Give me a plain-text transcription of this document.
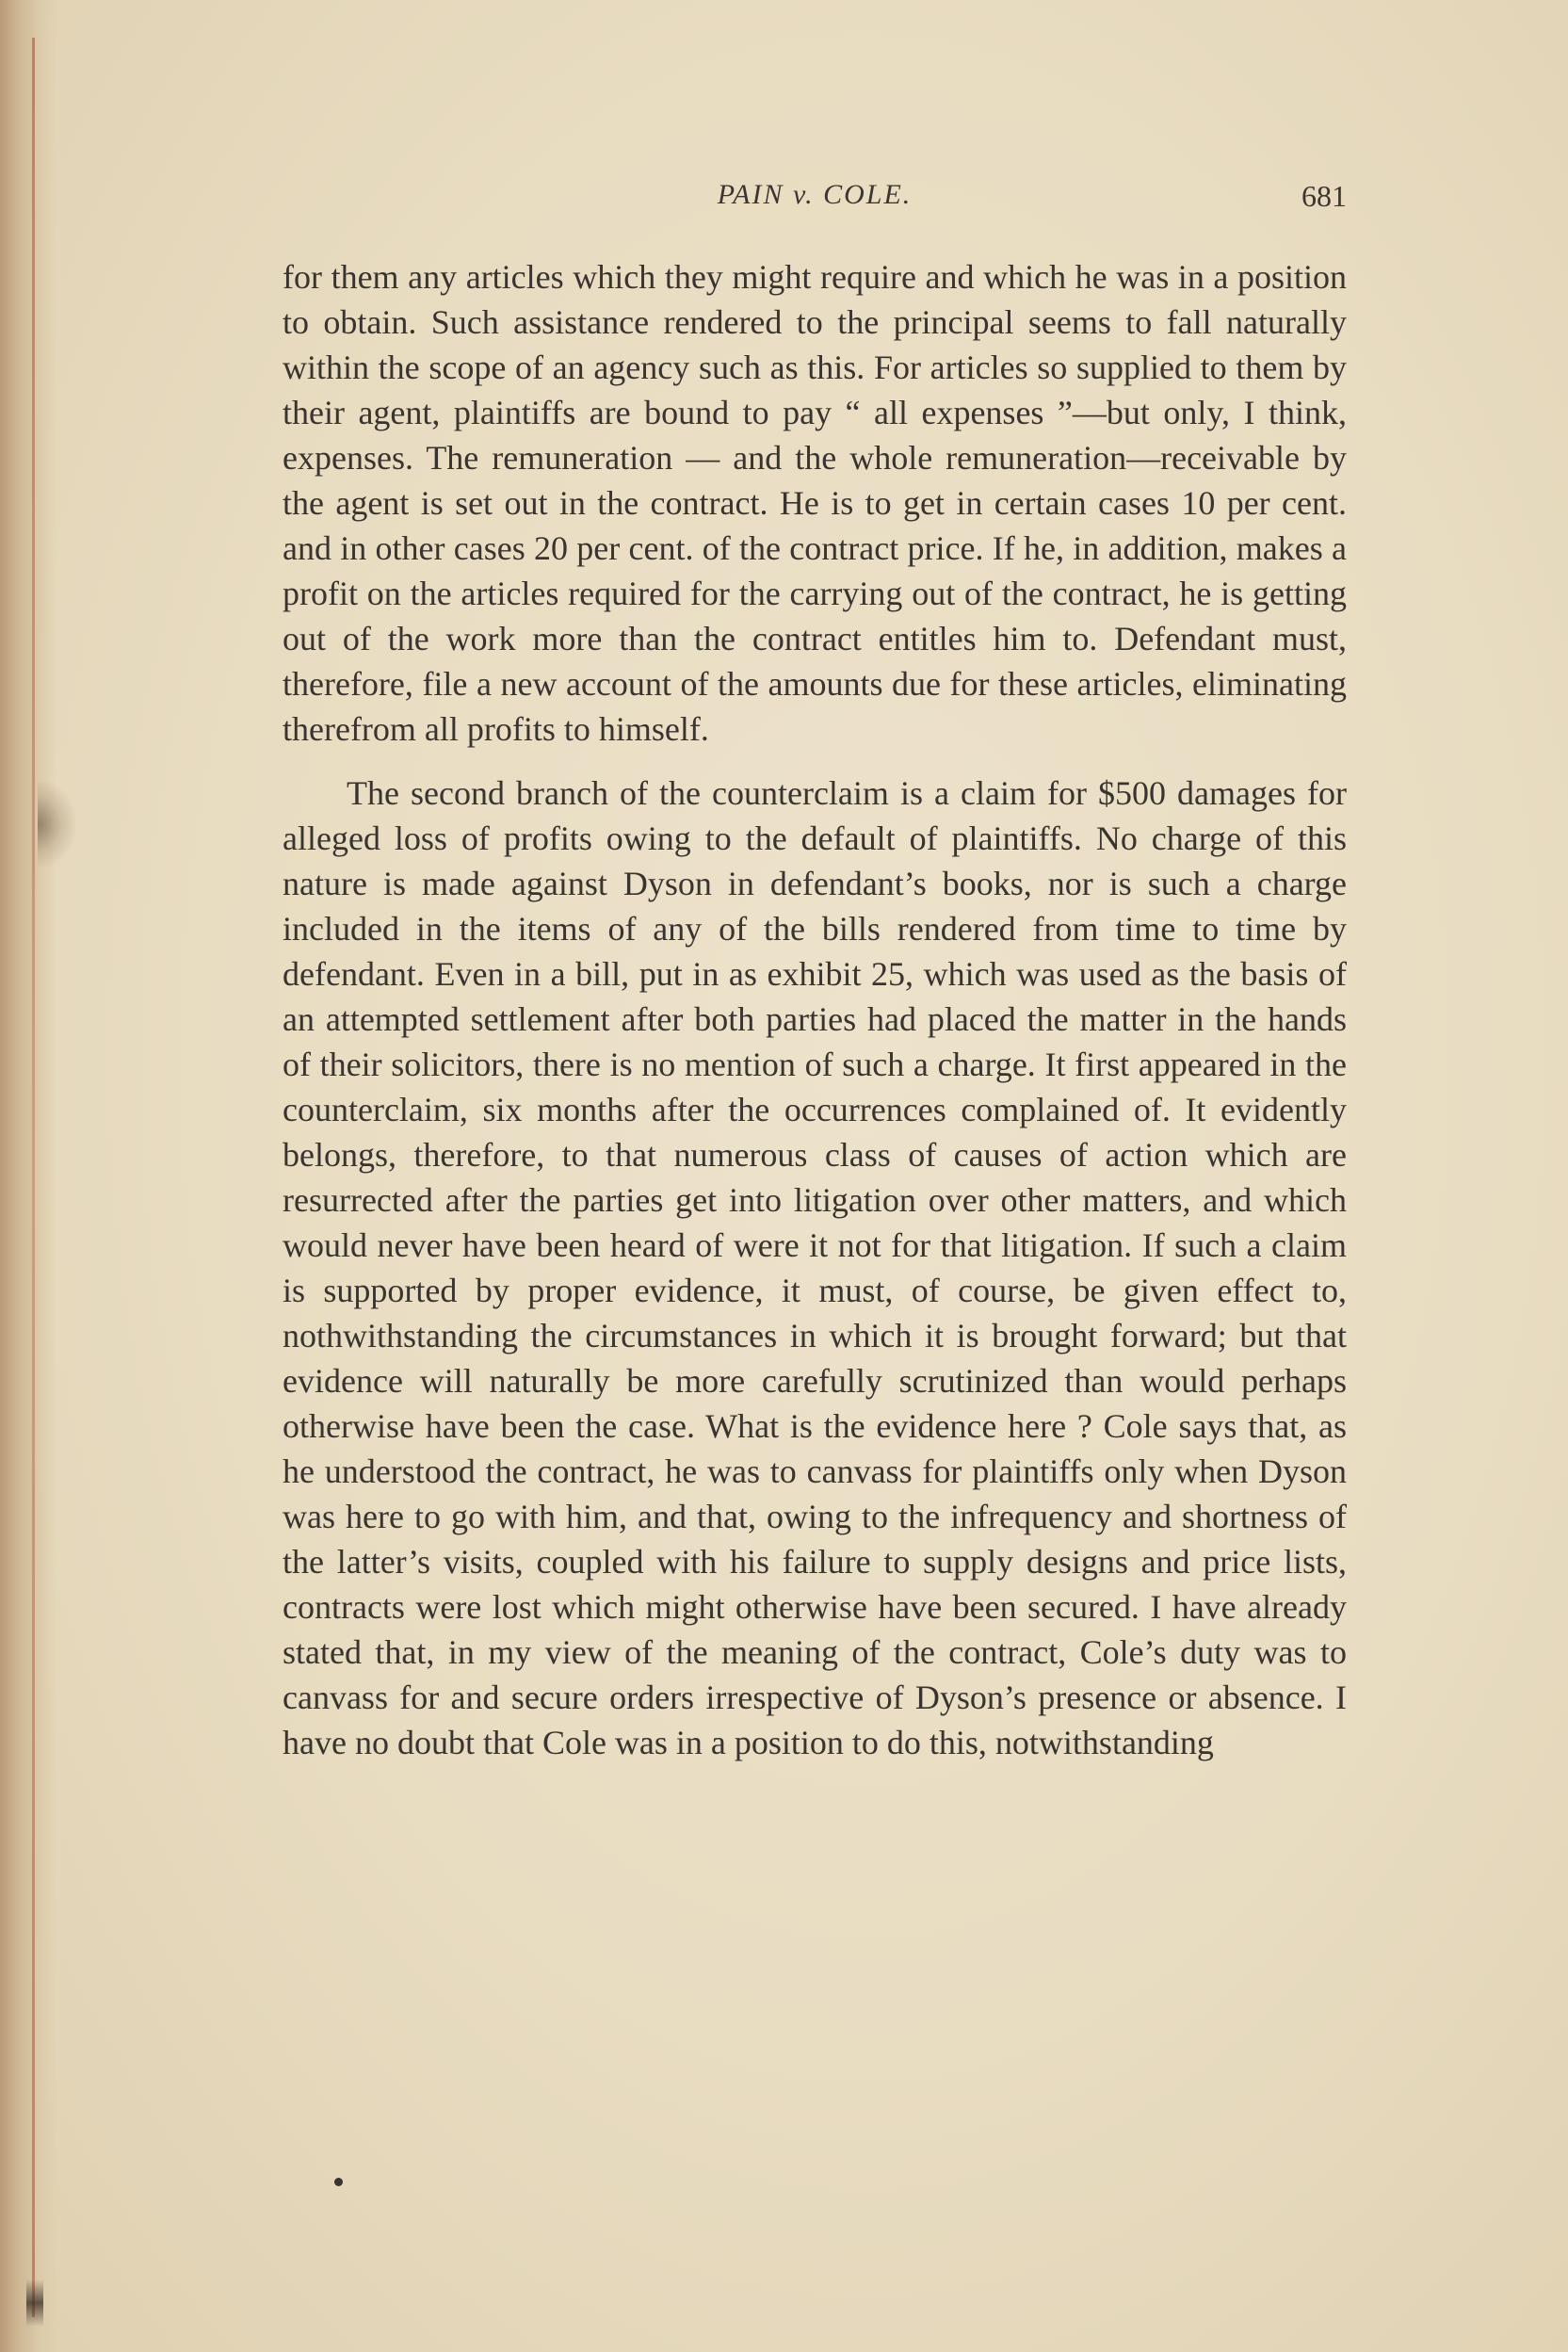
PAIN v. COLE.	681

for them any articles which they might require and which he was in a position to obtain. Such assistance rendered to the principal seems to fall naturally within the scope of an agency such as this. For articles so supplied to them by their agent, plaintiffs are bound to pay “ all expenses ”—but only, I think, expenses. The remuneration — and the whole remuneration—receivable by the agent is set out in the contract. He is to get in certain cases 10 per cent. and in other cases 20 per cent. of the contract price. If he, in addition, makes a profit on the articles required for the carrying out of the contract, he is getting out of the work more than the contract entitles him to. Defendant must, therefore, file a new account of the amounts due for these articles, eliminating therefrom all profits to himself.

The second branch of the counterclaim is a claim for $500 damages for alleged loss of profits owing to the default of plaintiffs. No charge of this nature is made against Dyson in defendant’s books, nor is such a charge included in the items of any of the bills rendered from time to time by defendant. Even in a bill, put in as exhibit 25, which was used as the basis of an attempted settlement after both parties had placed the matter in the hands of their solicitors, there is no mention of such a charge. It first appeared in the counterclaim, six months after the occurrences complained of. It evidently belongs, therefore, to that numerous class of causes of action which are resurrected after the parties get into litigation over other matters, and which would never have been heard of were it not for that litigation. If such a claim is supported by proper evidence, it must, of course, be given effect to, nothwithstanding the circumstances in which it is brought forward; but that evidence will naturally be more carefully scrutinized than would perhaps otherwise have been the case. What is the evidence here ? Cole says that, as he understood the contract, he was to canvass for plaintiffs only when Dyson was here to go with him, and that, owing to the infrequency and shortness of the latter’s visits, coupled with his failure to supply designs and price lists, contracts were lost which might otherwise have been secured. I have already stated that, in my view of the meaning of the contract, Cole’s duty was to canvass for and secure orders irrespective of Dyson’s presence or absence. I have no doubt that Cole was in a position to do this, notwithstanding
